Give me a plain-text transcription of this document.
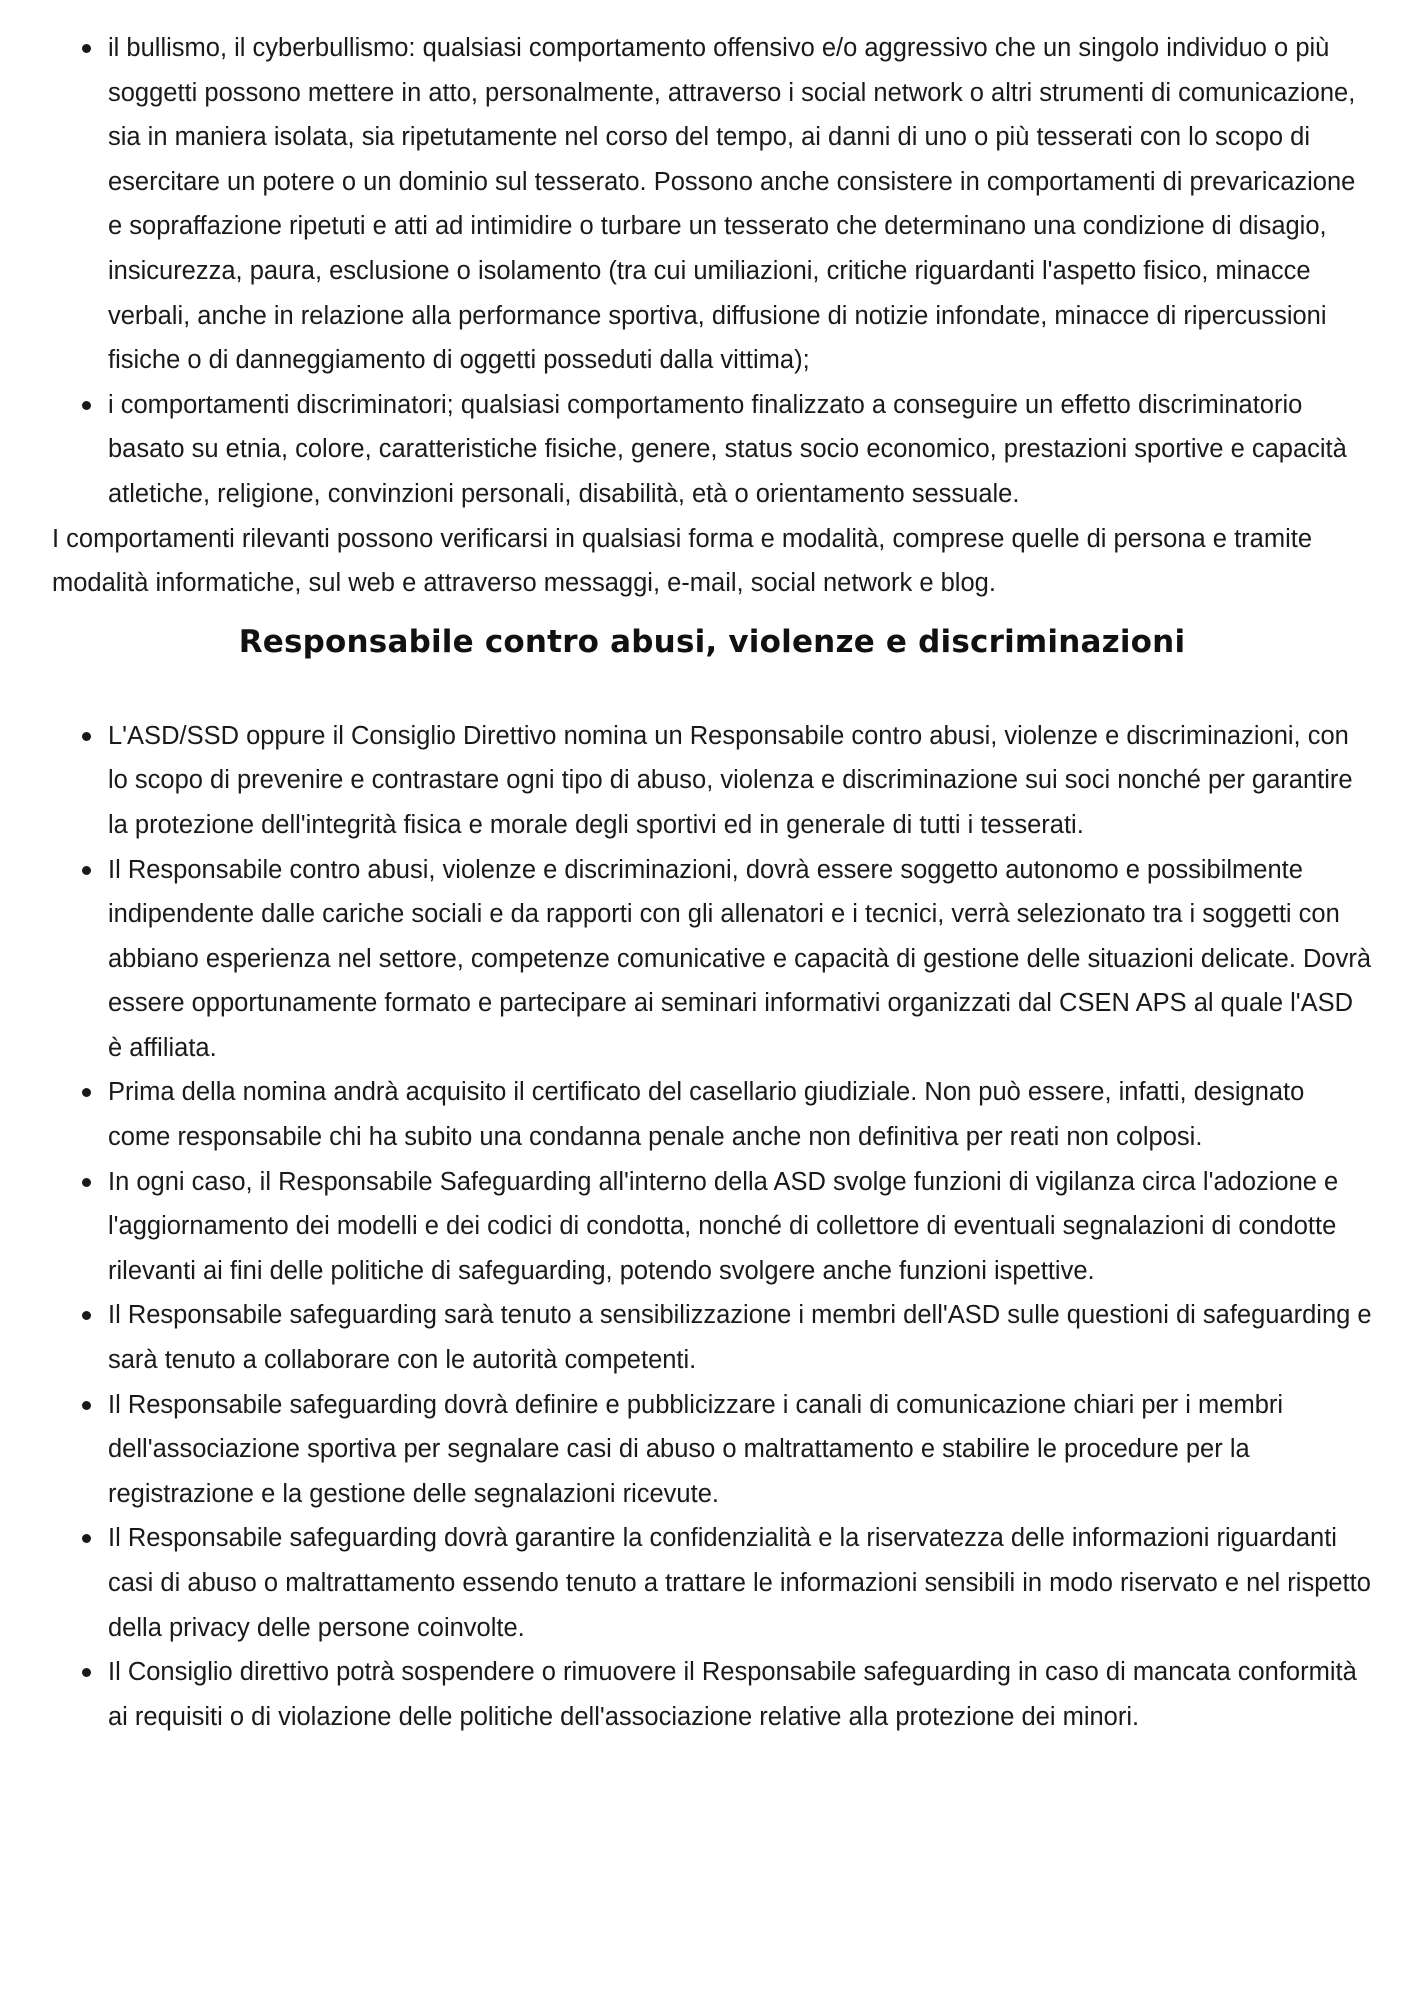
il bullismo, il cyberbullismo: qualsiasi comportamento offensivo e/o aggressivo che un singolo individuo o più soggetti possono mettere in atto, personalmente, attraverso i social network o altri strumenti di comunicazione, sia in maniera isolata, sia ripetutamente nel corso del tempo, ai danni di uno o più tesserati con lo scopo di esercitare un potere o un dominio sul tesserato. Possono anche consistere in comportamenti di prevaricazione e sopraffazione ripetuti e atti ad intimidire o turbare un tesserato che determinano una condizione di disagio, insicurezza, paura, esclusione o isolamento (tra cui umiliazioni, critiche riguardanti l'aspetto fisico, minacce verbali, anche in relazione alla performance sportiva, diffusione di notizie infondate, minacce di ripercussioni fisiche o di danneggiamento di oggetti posseduti dalla vittima);
i comportamenti discriminatori; qualsiasi comportamento finalizzato a conseguire un effetto discriminatorio basato su etnia, colore, caratteristiche fisiche, genere, status socio economico, prestazioni sportive e capacità atletiche, religione, convinzioni personali, disabilità, età o orientamento sessuale.

I comportamenti rilevanti possono verificarsi in qualsiasi forma e modalità, comprese quelle di persona e tramite modalità informatiche, sul web e attraverso messaggi, e-mail, social network e blog.

Responsabile contro abusi, violenze e discriminazioni
L'ASD/SSD oppure il Consiglio Direttivo nomina un Responsabile contro abusi, violenze e discriminazioni, con lo scopo di prevenire e contrastare ogni tipo di abuso, violenza e discriminazione sui soci nonché per garantire la protezione dell'integrità fisica e morale degli sportivi ed in generale di tutti i tesserati.
Il Responsabile contro abusi, violenze e discriminazioni, dovrà essere soggetto autonomo e possibilmente indipendente dalle cariche sociali e da rapporti con gli allenatori e i tecnici, verrà selezionato tra i soggetti con abbiano esperienza nel settore, competenze comunicative e capacità di gestione delle situazioni delicate. Dovrà essere opportunamente formato e partecipare ai seminari informativi organizzati dal CSEN APS al quale l'ASD è affiliata.
Prima della nomina andrà acquisito il certificato del casellario giudiziale. Non può essere, infatti, designato come responsabile chi ha subito una condanna penale anche non definitiva per reati non colposi.
In ogni caso, il Responsabile Safeguarding all'interno della ASD svolge funzioni di vigilanza circa l'adozione e l'aggiornamento dei modelli e dei codici di condotta, nonché di collettore di eventuali segnalazioni di condotte rilevanti ai fini delle politiche di safeguarding, potendo svolgere anche funzioni ispettive.
Il Responsabile safeguarding sarà tenuto a sensibilizzazione i membri dell'ASD sulle questioni di safeguarding e sarà tenuto a collaborare con le autorità competenti.
Il Responsabile safeguarding dovrà definire e pubblicizzare i canali di comunicazione chiari per i membri dell'associazione sportiva per segnalare casi di abuso o maltrattamento e stabilire le procedure per la registrazione e la gestione delle segnalazioni ricevute.
Il Responsabile safeguarding dovrà garantire la confidenzialità e la riservatezza delle informazioni riguardanti casi di abuso o maltrattamento essendo tenuto a trattare le informazioni sensibili in modo riservato e nel rispetto della privacy delle persone coinvolte.
Il Consiglio direttivo potrà sospendere o rimuovere il Responsabile safeguarding in caso di mancata conformità ai requisiti o di violazione delle politiche dell'associazione relative alla protezione dei minori.
